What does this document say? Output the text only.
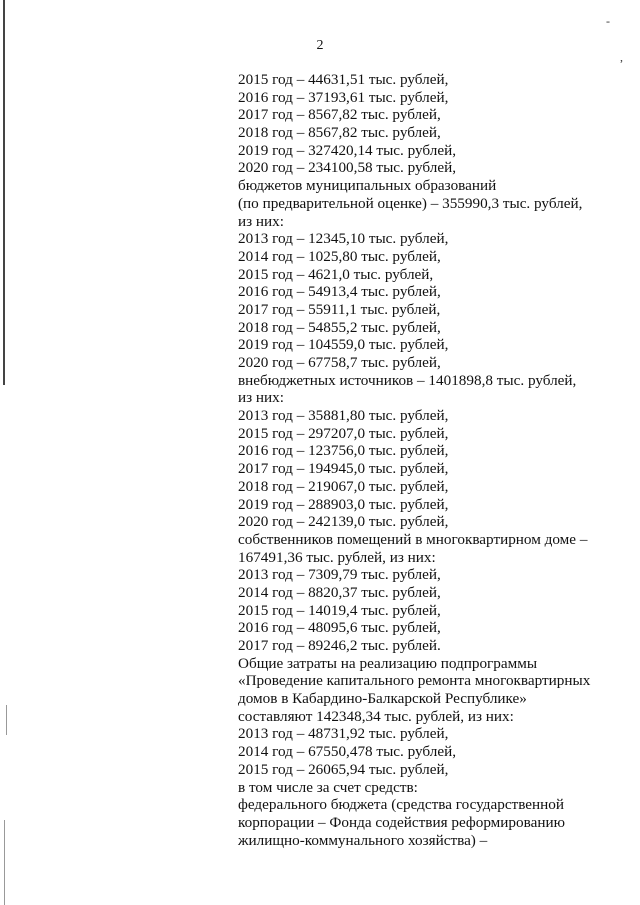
-
,
2
2015 год – 44631,51 тыс. рублей,
2016 год – 37193,61 тыс. рублей,
2017 год – 8567,82 тыс. рублей,
2018 год – 8567,82 тыс. рублей,
2019 год – 327420,14 тыс. рублей,
2020 год – 234100,58 тыс. рублей,
бюджетов муниципальных образований
(по предварительной оценке) – 355990,3 тыс. рублей,
из них:
2013 год – 12345,10 тыс. рублей,
2014 год – 1025,80 тыс. рублей,
2015 год – 4621,0 тыс. рублей,
2016 год – 54913,4 тыс. рублей,
2017 год – 55911,1 тыс. рублей,
2018 год – 54855,2 тыс. рублей,
2019 год – 104559,0 тыс. рублей,
2020 год – 67758,7 тыс. рублей,
внебюджетных источников – 1401898,8 тыс. рублей,
из них:
2013 год – 35881,80 тыс. рублей,
2015 год – 297207,0 тыс. рублей,
2016 год – 123756,0 тыс. рублей,
2017 год – 194945,0 тыс. рублей,
2018 год – 219067,0 тыс. рублей,
2019 год – 288903,0 тыс. рублей,
2020 год – 242139,0 тыс. рублей,
собственников помещений в многоквартирном доме –
167491,36 тыс. рублей, из них:
2013 год – 7309,79 тыс. рублей,
2014 год – 8820,37 тыс. рублей,
2015 год – 14019,4 тыс. рублей,
2016 год – 48095,6 тыс. рублей,
2017 год – 89246,2 тыс. рублей.
Общие затраты на реализацию подпрограммы
«Проведение капитального ремонта многоквартирных
домов в Кабардино-Балкарской Республике»
составляют 142348,34 тыс. рублей, из них:
2013 год – 48731,92 тыс. рублей,
2014 год – 67550,478 тыс. рублей,
2015 год – 26065,94 тыс. рублей,
в том числе за счет средств:
федерального бюджета (средства государственной
корпорации – Фонда содействия реформированию
жилищно-коммунального хозяйства) –
